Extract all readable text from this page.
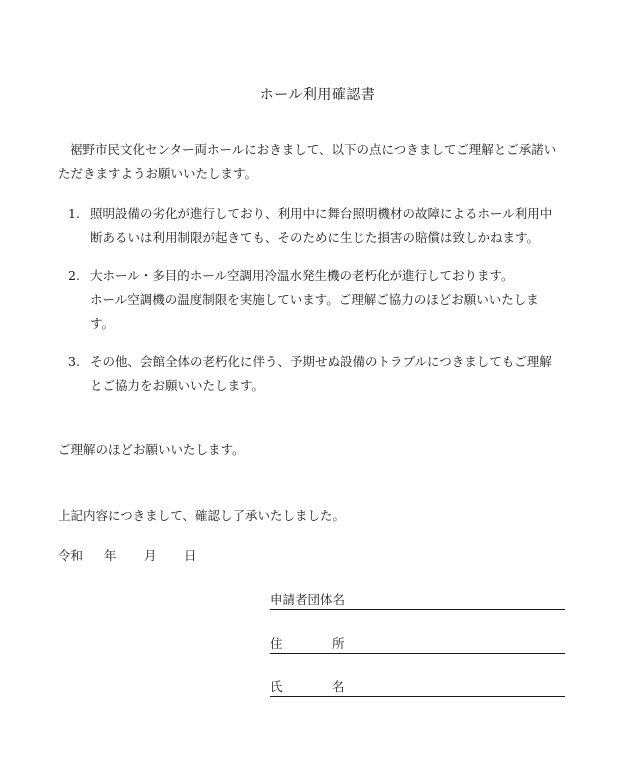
ホール利用確認書

裾野市民文化センター両ホールにおきまして、以下の点につきましてご理解とご承諾いただきますようお願いいたします。

1. 照明設備の劣化が進行しており、利用中に舞台照明機材の故障によるホール利用中
断あるいは利用制限が起きても、そのために生じた損害の賠償は致しかねます。
2. 大ホール・多目的ホール空調用冷温水発生機の老朽化が進行しております。
ホール空調機の温度制限を実施しています。ご理解ご協力のほどお願いいたしま
す。
3. その他、会館全体の老朽化に伴う、予期せぬ設備のトラブルにつきましてもご理解
とご協力をお願いいたします。
ご理解のほどお願いいたします。
上記内容につきまして、確認し了承いたしました。
令和 年 月 日
申請者団体名
住	所
氏	名
